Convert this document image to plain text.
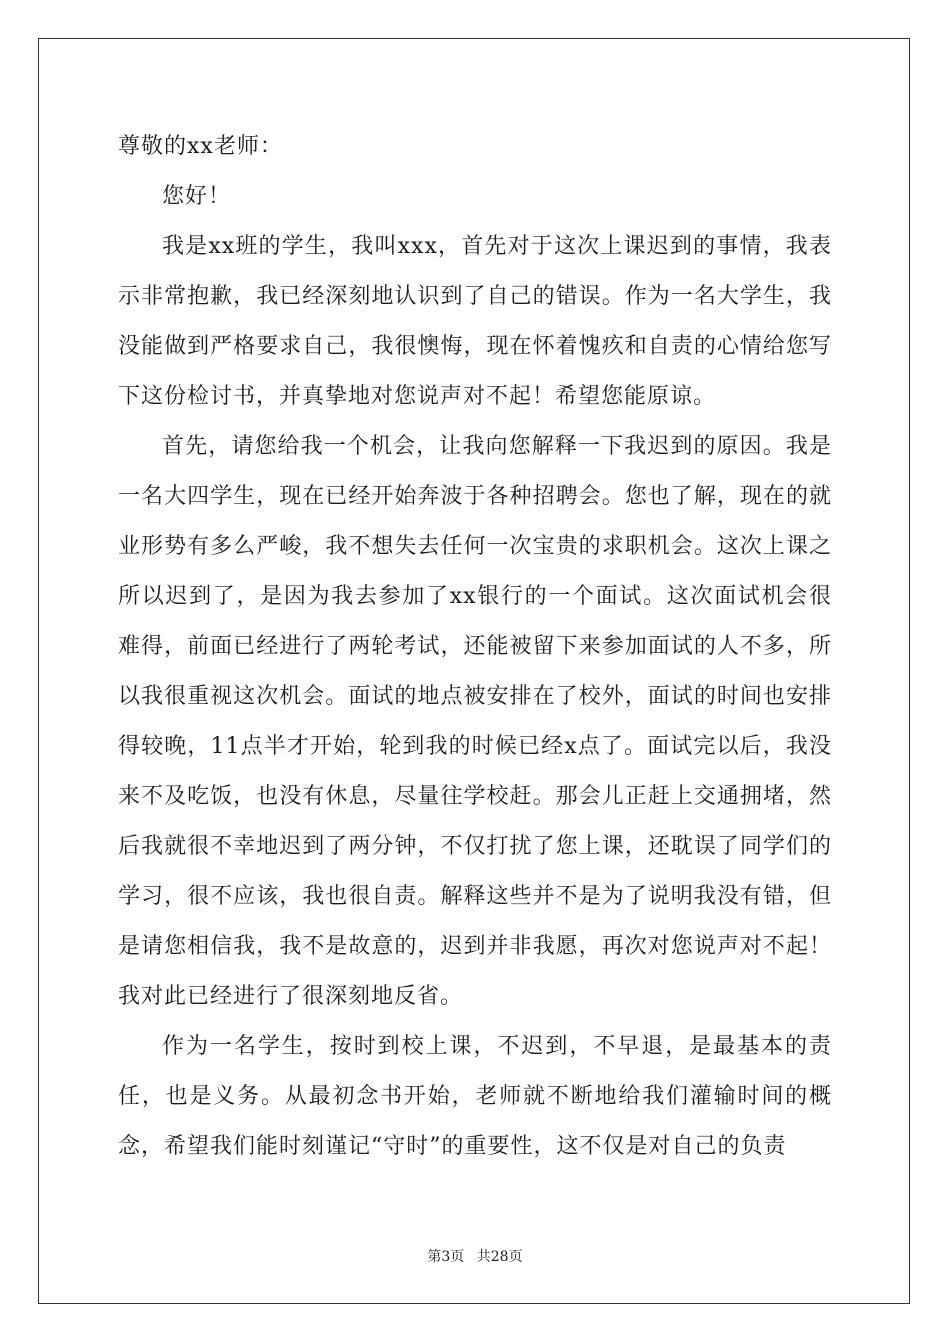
尊敬的xx老师：

您好！

我是xx班的学生，我叫xxx，首先对于这次上课迟到的事情，我表示非常抱歉，我已经深刻地认识到了自己的错误。作为一名大学生，我没能做到严格要求自己，我很懊悔，现在怀着愧疚和自责的心情给您写下这份检讨书，并真挚地对您说声对不起！希望您能原谅。

首先，请您给我一个机会，让我向您解释一下我迟到的原因。我是一名大四学生，现在已经开始奔波于各种招聘会。您也了解，现在的就业形势有多么严峻，我不想失去任何一次宝贵的求职机会。这次上课之所以迟到了，是因为我去参加了xx银行的一个面试。这次面试机会很难得，前面已经进行了两轮考试，还能被留下来参加面试的人不多，所以我很重视这次机会。面试的地点被安排在了校外，面试的时间也安排得较晚，11点半才开始，轮到我的时候已经x点了。面试完以后，我没来不及吃饭，也没有休息，尽量往学校赶。那会儿正赶上交通拥堵，然后我就很不幸地迟到了两分钟，不仅打扰了您上课，还耽误了同学们的学习，很不应该，我也很自责。解释这些并不是为了说明我没有错，但是请您相信我，我不是故意的，迟到并非我愿，再次对您说声对不起！我对此已经进行了很深刻地反省。

作为一名学生，按时到校上课，不迟到，不早退，是最基本的责任，也是义务。从最初念书开始，老师就不断地给我们灌输时间的概念，希望我们能时刻谨记“守时”的重要性，这不仅是对自己的负责

第3页 共28页
